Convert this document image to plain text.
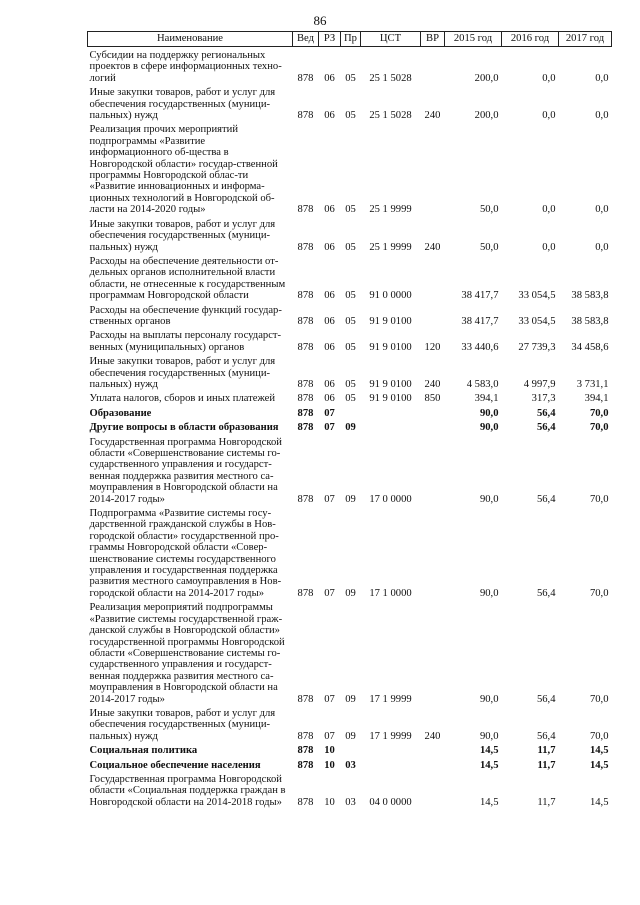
86
Наименование	Вед	РЗ	Пр	ЦСТ	ВР	2015 год	2016 год	2017 год
Субсидии на поддержку региональных проектов в сфере информационных техно-логий	878	06	05	25 1 5028		200,0	0,0	0,0
Иные закупки товаров, работ и услуг для обеспечения государственных (муници-пальных) нужд	878	06	05	25 1 5028	240	200,0	0,0	0,0
Реализация прочих мероприятий подпрограммы «Развитие информационного об-щества в Новгородской области» государ-ственной программы Новгородской облас-ти «Развитие инновационных и информа-ционных технологий в Новгородской об-ласти на 2014-2020 годы»	878	06	05	25 1 9999		50,0	0,0	0,0
Иные закупки товаров, работ и услуг для обеспечения государственных (муници-пальных) нужд	878	06	05	25 1 9999	240	50,0	0,0	0,0
Расходы на обеспечение деятельности от-дельных органов исполнительной власти области, не отнесенные к государственным программам Новгородской области	878	06	05	91 0 0000		38 417,7	33 054,5	38 583,8
Расходы на обеспечение функций государ-ственных органов	878	06	05	91 9 0100		38 417,7	33 054,5	38 583,8
Расходы на выплаты персоналу государст-венных (муниципальных) органов	878	06	05	91 9 0100	120	33 440,6	27 739,3	34 458,6
Иные закупки товаров, работ и услуг для обеспечения государственных (муници-пальных) нужд	878	06	05	91 9 0100	240	4 583,0	4 997,9	3 731,1
Уплата налогов, сборов и иных платежей	878	06	05	91 9 0100	850	394,1	317,3	394,1
Образование	878	07				90,0	56,4	70,0
Другие вопросы в области образования	878	07	09			90,0	56,4	70,0
Государственная программа Новгородской области «Совершенствование системы го-сударственного управления и государст-венная поддержка развития местного са-моуправления в Новгородской области на 2014-2017 годы»	878	07	09	17 0 0000		90,0	56,4	70,0
Подпрограмма «Развитие системы госу-дарственной гражданской службы в Нов-городской области» государственной про-граммы Новгородской области «Совер-шенствование системы государственного управления и государственная поддержка развития местного самоуправления в Нов-городской области на 2014-2017 годы»	878	07	09	17 1 0000		90,0	56,4	70,0
Реализация мероприятий подпрограммы «Развитие системы государственной граж-данской службы в Новгородской области» государственной программы Новгородской области «Совершенствование системы го-сударственного управления и государст-венная поддержка развития местного са-моуправления в Новгородской области на 2014-2017 годы»	878	07	09	17 1 9999		90,0	56,4	70,0
Иные закупки товаров, работ и услуг для обеспечения государственных (муници-пальных) нужд	878	07	09	17 1 9999	240	90,0	56,4	70,0
Социальная политика	878	10				14,5	11,7	14,5
Социальное обеспечение населения	878	10	03			14,5	11,7	14,5
Государственная программа Новгородской области «Социальная поддержка граждан в Новгородской области на 2014-2018 годы»	878	10	03	04 0 0000		14,5	11,7	14,5
